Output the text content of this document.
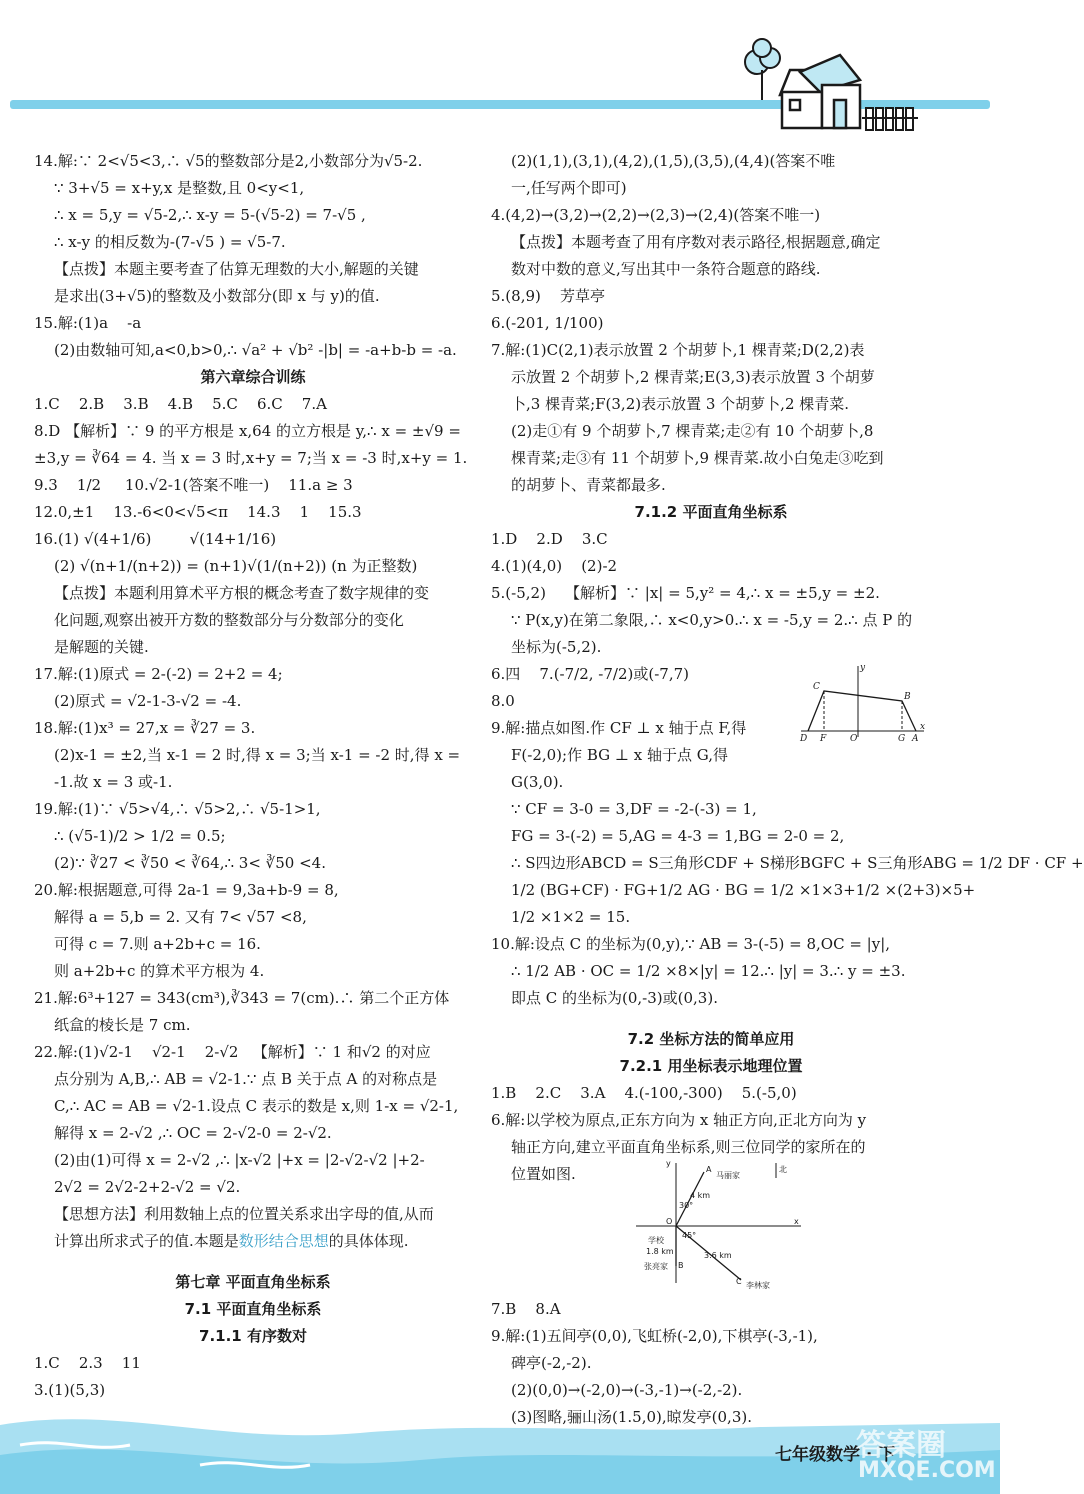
14.解:∵ 2<√5<3,∴ √5的整数部分是2,小数部分为√5-2.
∵ 3+√5 = x+y,x 是整数,且 0<y<1,
∴ x = 5,y = √5-2,∴ x-y = 5-(√5-2) = 7-√5 ,
∴ x-y 的相反数为-(7-√5 ) = √5-7.
【点拨】本题主要考查了估算无理数的大小,解题的关键
是求出(3+√5)的整数及小数部分(即 x 与 y)的值.
15.解:(1)a    -a
(2)由数轴可知,a<0,b>0,∴ √a² + √b² -|b| = -a+b-b = -a.
第六章综合训练
1.C    2.B    3.B    4.B    5.C    6.C    7.A
8.D 【解析】∵ 9 的平方根是 x,64 的立方根是 y,∴ x = ±√9 =
±3,y = ∛64 = 4. 当 x = 3 时,x+y = 7;当 x = -3 时,x+y = 1.
9.3    1/2     10.√2-1(答案不唯一)    11.a ≥ 3
12.0,±1    13.-6<0<√5<π    14.3    1    15.3
16.(1) √(4+1/6)        √(14+1/16)
(2) √(n+1/(n+2)) = (n+1)√(1/(n+2)) (n 为正整数)
【点拨】本题利用算术平方根的概念考查了数字规律的变
化问题,观察出被开方数的整数部分与分数部分的变化
是解题的关键.
17.解:(1)原式 = 2-(-2) = 2+2 = 4;
(2)原式 = √2-1-3-√2 = -4.
18.解:(1)x³ = 27,x = ∛27 = 3.
(2)x-1 = ±2,当 x-1 = 2 时,得 x = 3;当 x-1 = -2 时,得 x =
-1.故 x = 3 或-1.
19.解:(1)∵ √5>√4,∴ √5>2,∴ √5-1>1,
∴ (√5-1)/2 > 1/2 = 0.5;
(2)∵ ∛27 < ∛50 < ∛64,∴ 3< ∛50 <4.
20.解:根据题意,可得 2a-1 = 9,3a+b-9 = 8,
解得 a = 5,b = 2. 又有 7< √57 <8,
可得 c = 7.则 a+2b+c = 16.
则 a+2b+c 的算术平方根为 4.
21.解:6³+127 = 343(cm³),∛343 = 7(cm).∴ 第二个正方体
纸盒的棱长是 7 cm.
22.解:(1)√2-1    √2-1    2-√2   【解析】∵ 1 和√2 的对应
点分别为 A,B,∴ AB = √2-1.∵ 点 B 关于点 A 的对称点是
C,∴ AC = AB = √2-1.设点 C 表示的数是 x,则 1-x = √2-1,
解得 x = 2-√2 ,∴ OC = 2-√2-0 = 2-√2.
(2)由(1)可得 x = 2-√2 ,∴ |x-√2 |+x = |2-√2-√2 |+2-
2√2 = 2√2-2+2-√2 = √2.
【思想方法】利用数轴上点的位置关系求出字母的值,从而
计算出所求式子的值.本题是数形结合思想的具体体现.
第七章 平面直角坐标系
7.1 平面直角坐标系
7.1.1 有序数对
1.C    2.3    11
3.(1)(5,3)
(2)(1,1),(3,1),(4,2),(1,5),(3,5),(4,4)(答案不唯
一,任写两个即可)
4.(4,2)→(3,2)→(2,2)→(2,3)→(2,4)(答案不唯一)
【点拨】本题考查了用有序数对表示路径,根据题意,确定
数对中数的意义,写出其中一条符合题意的路线.
5.(8,9)    芳草亭
6.(-201, 1/100)
7.解:(1)C(2,1)表示放置 2 个胡萝卜,1 棵青菜;D(2,2)表
示放置 2 个胡萝卜,2 棵青菜;E(3,3)表示放置 3 个胡萝
卜,3 棵青菜;F(3,2)表示放置 3 个胡萝卜,2 棵青菜.
(2)走①有 9 个胡萝卜,7 棵青菜;走②有 10 个胡萝卜,8
棵青菜;走③有 11 个胡萝卜,9 棵青菜.故小白兔走③吃到
的胡萝卜、青菜都最多.
7.1.2 平面直角坐标系
1.D    2.D    3.C
4.(1)(4,0)    (2)-2
5.(-5,2)    【解析】∵ |x| = 5,y² = 4,∴ x = ±5,y = ±2.
∵ P(x,y)在第二象限,∴ x<0,y>0.∴ x = -5,y = 2.∴ 点 P 的
坐标为(-5,2).
6.四    7.(-7/2, -7/2)或(-7,7)
8.0
9.解:描点如图.作 CF ⊥ x 轴于点 F,得
F(-2,0);作 BG ⊥ x 轴于点 G,得
G(3,0).
∵ CF = 3-0 = 3,DF = -2-(-3) = 1,
FG = 3-(-2) = 5,AG = 4-3 = 1,BG = 2-0 = 2,
∴ S四边形ABCD = S三角形CDF + S梯形BGFC + S三角形ABG = 1/2 DF · CF +
1/2 (BG+CF) · FG+1/2 AG · BG = 1/2 ×1×3+1/2 ×(2+3)×5+
1/2 ×1×2 = 15.
10.解:设点 C 的坐标为(0,y),∵ AB = 3-(-5) = 8,OC = |y|,
∴ 1/2 AB · OC = 1/2 ×8×|y| = 12.∴ |y| = 3.∴ y = ±3.
即点 C 的坐标为(0,-3)或(0,3).
7.2 坐标方法的简单应用
7.2.1 用坐标表示地理位置
1.B    2.C    3.A    4.(-100,-300)    5.(-5,0)
6.解:以学校为原点,正东方向为 x 轴正方向,正北方向为 y
轴正方向,建立平面直角坐标系,则三位同学的家所在的
位置如图.
C
B
D F	O	G A
x
y
y
x
O
学校
1.8 km
张亮家 B
4 km
A
马丽家
3.6 km
C 李林家
30°
45°
北
7.B    8.A
9.解:(1)五间亭(0,0),飞虹桥(-2,0),下棋亭(-3,-1),
碑亭(-2,-2).
(2)(0,0)→(-2,0)→(-3,-1)→(-2,-2).
(3)图略,骊山汤(1.5,0),晾发亭(0,3).
七年级数学 · 下
答案圈
MXQE.COM
